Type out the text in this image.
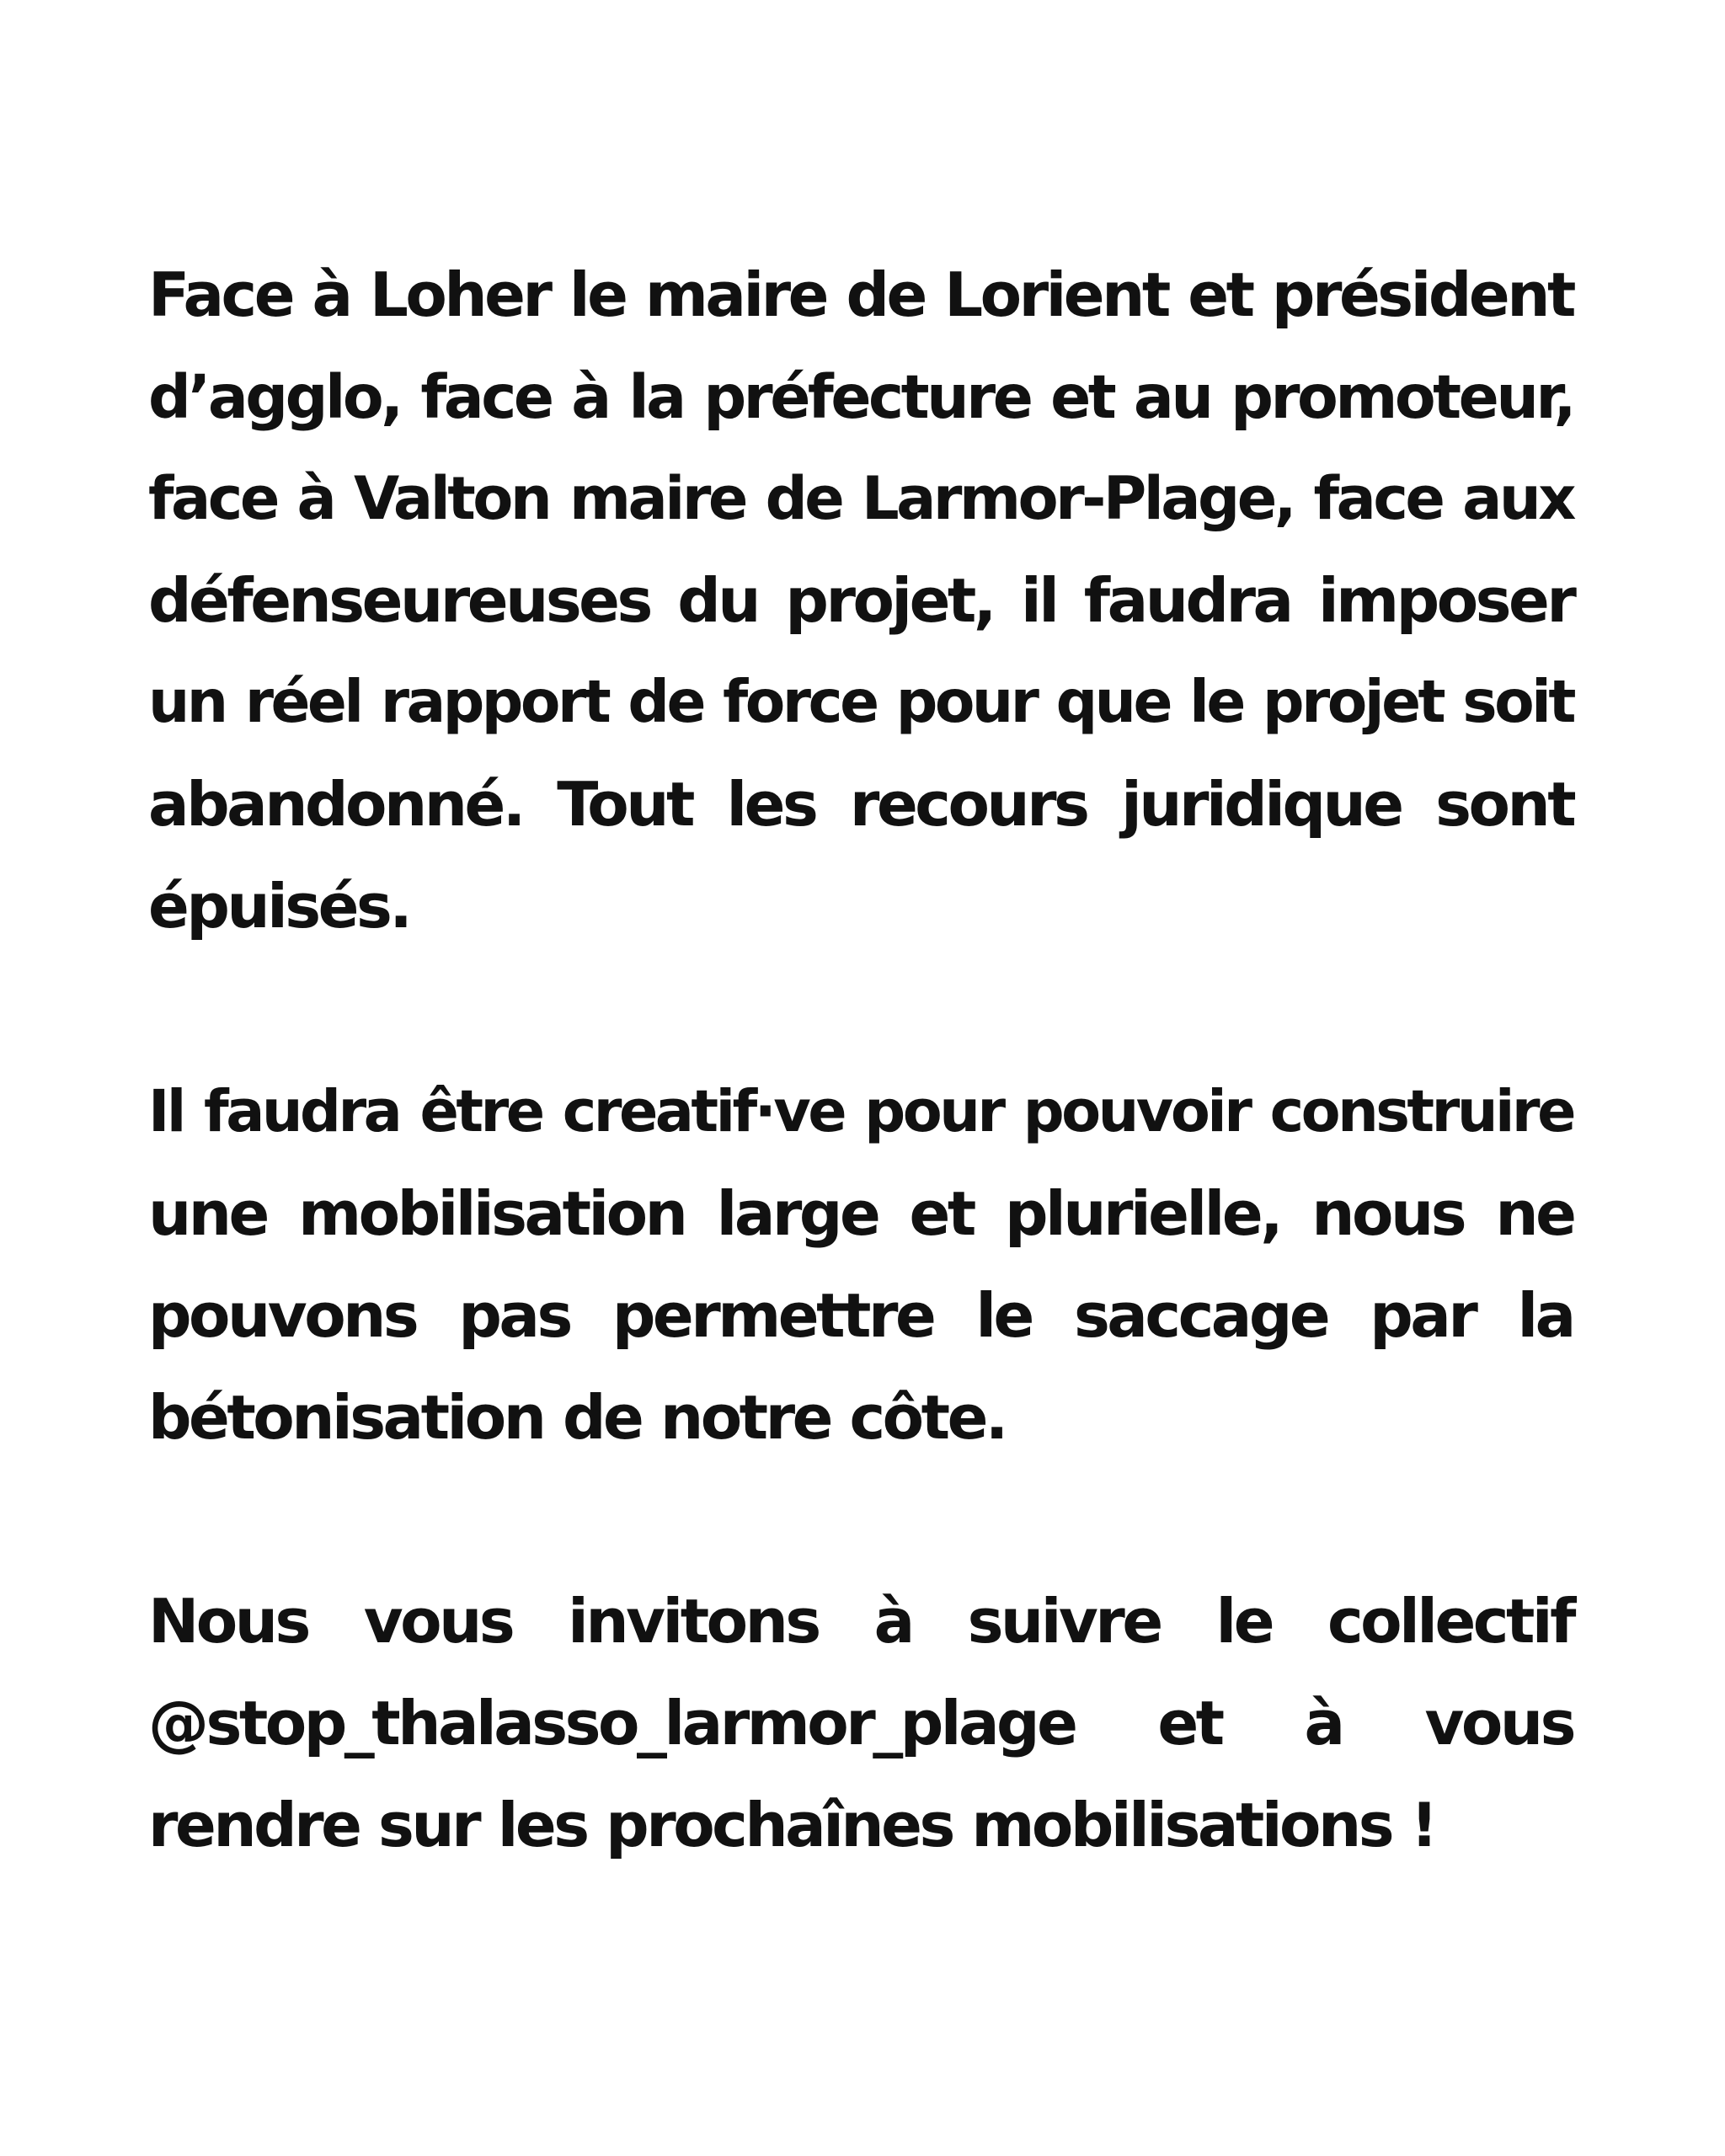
Face à Loher le maire de Lorient et président
d’agglo, face à la préfecture et au promoteur,
face à Valton maire de Larmor-Plage, face aux
défenseureuses du projet, il faudra imposer
un réel rapport de force pour que le projet soit
abandonné. Tout les recours juridique sont
épuisés.

Il faudra être creatif·ve pour pouvoir construire
une mobilisation large et plurielle, nous ne
pouvons pas permettre le saccage par la
bétonisation de notre côte.

Nous vous invitons à suivre le collectif
@stop_thalasso_larmor_plage et à vous
rendre sur les prochaînes mobilisations !
